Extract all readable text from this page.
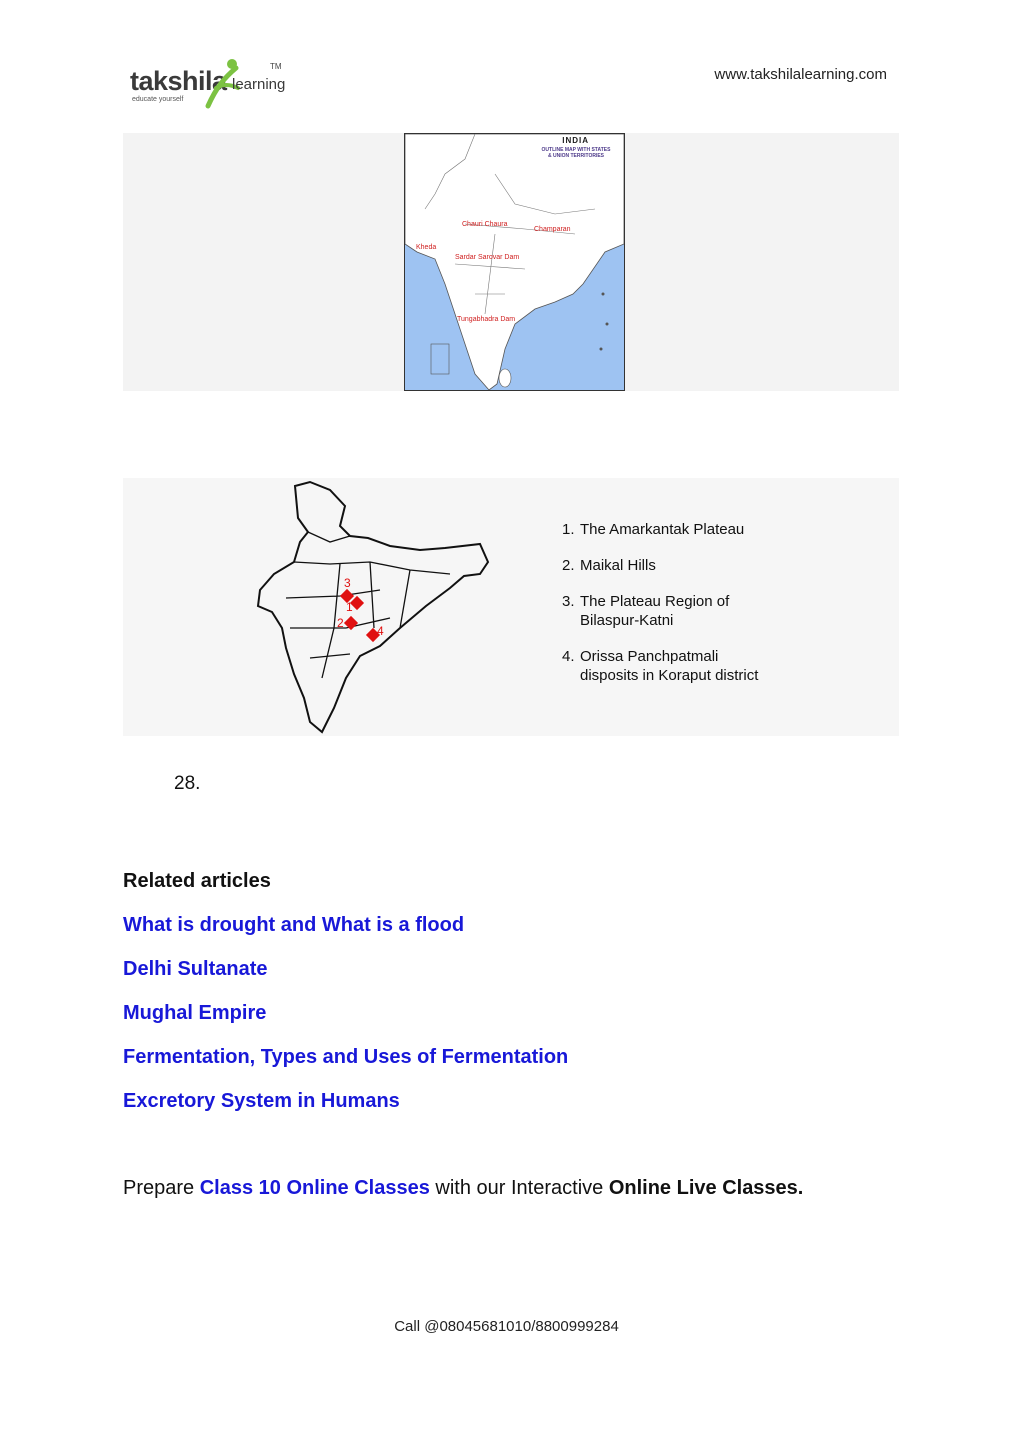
takshila learning
TM
educate yourself
www.takshilalearning.com
INDIA
OUTLINE MAP WITH STATES
& UNION TERRITORIES
Chauri Chaura
Champaran
Kheda
Sardar Sarovar Dam
Tungabhadra Dam
1
2
3
4
1. The Amarkantak Plateau
2. Maikal Hills
3. The Plateau Region of Bilaspur-Katni
4. Orissa Panchpatmali disposits in Koraput district
28.
Related articles
What is drought and What is a flood
Delhi Sultanate
Mughal Empire
Fermentation, Types and Uses of Fermentation
Excretory System in Humans
Prepare Class 10 Online Classes with our Interactive Online Live Classes.
Call @08045681010/8800999284
